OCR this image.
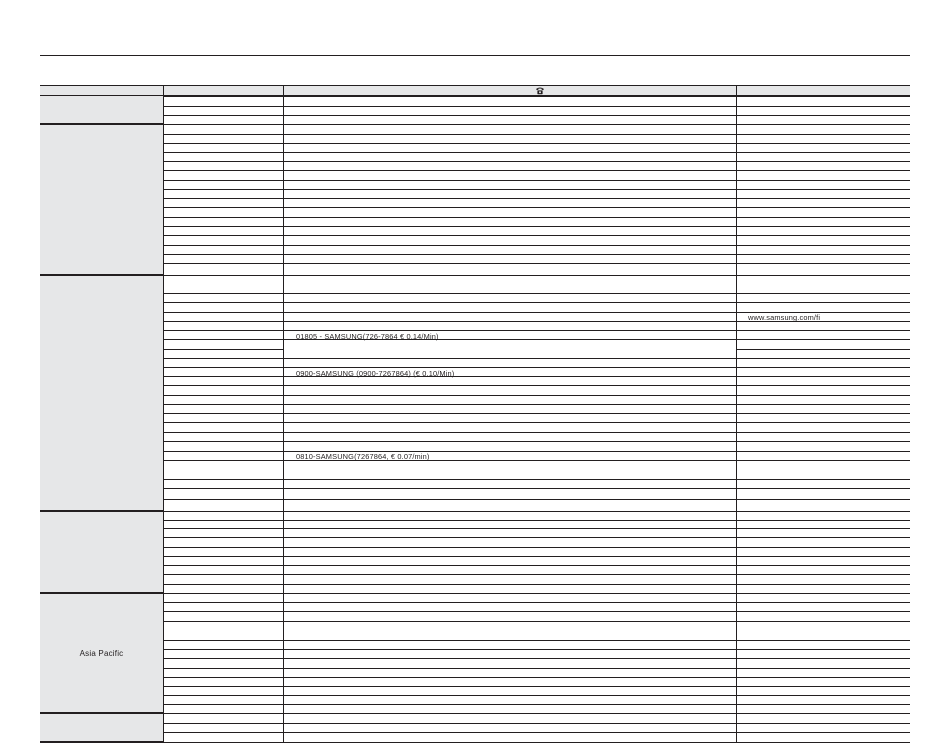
Asia Pacific
01805 - SAMSUNG(726-7864 € 0,14/Min)
0900-SAMSUNG (0900-7267864) (€ 0,10/Min)
www.samsung.com/fi
0810-SAMSUNG(7267864, € 0.07/min)
